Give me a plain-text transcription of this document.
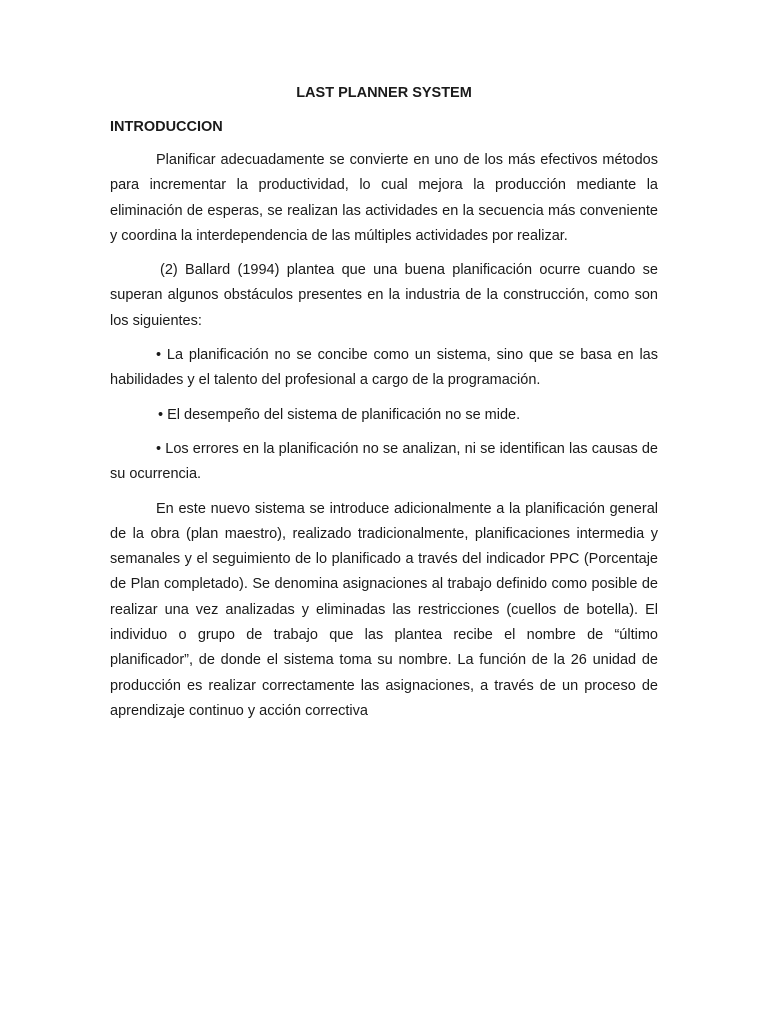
LAST PLANNER SYSTEM
INTRODUCCION

Planificar adecuadamente se convierte en uno de los más efectivos métodos para incrementar la productividad, lo cual mejora la producción mediante la eliminación de esperas, se realizan las actividades en la secuencia más conveniente y coordina la interdependencia de las múltiples actividades por realizar.

(2) Ballard (1994) plantea que una buena planificación ocurre cuando se superan algunos obstáculos presentes en la industria de la construcción, como son los siguientes:

• La planificación no se concibe como un sistema, sino que se basa en las habilidades y el talento del profesional a cargo de la programación.

• El desempeño del sistema de planificación no se mide.

• Los errores en la planificación no se analizan, ni se identifican las causas de su ocurrencia.

En este nuevo sistema se introduce adicionalmente a la planificación general de la obra (plan maestro), realizado tradicionalmente, planificaciones intermedia y semanales y el seguimiento de lo planificado a través del indicador PPC (Porcentaje de Plan completado). Se denomina asignaciones al trabajo definido como posible de realizar una vez analizadas y eliminadas las restricciones (cuellos de botella). El individuo o grupo de trabajo que las plantea recibe el nombre de “último planificador”, de donde el sistema toma su nombre. La función de la 26 unidad de producción es realizar correctamente las asignaciones, a través de un proceso de aprendizaje continuo y acción correctiva
